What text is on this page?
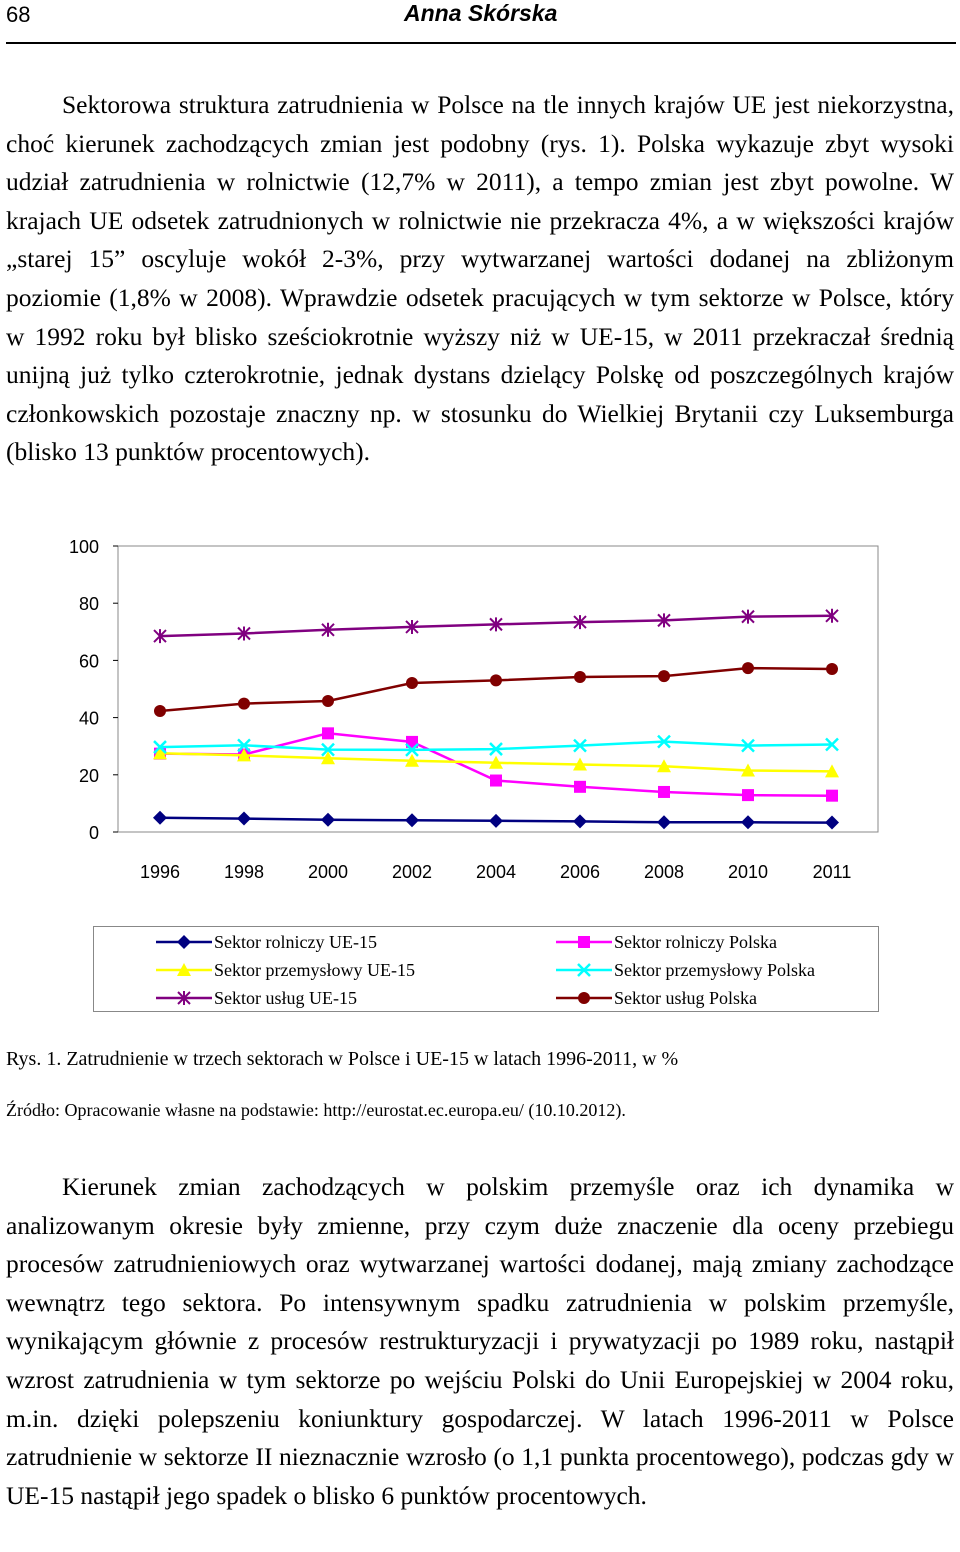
68	Anna Skórska

Sektorowa struktura zatrudnienia w Polsce na tle innych krajów UE jest niekorzystna, choć kierunek zachodzących zmian jest podobny (rys. 1). Polska wykazuje zbyt wysoki udział zatrudnienia w rolnictwie (12,7% w 2011), a tempo zmian jest zbyt powolne. W krajach UE odsetek zatrudnionych w rolnictwie nie przekracza 4%, a w większości krajów „starej 15” oscyluje wokół 2-3%, przy wytwarzanej wartości dodanej na zbliżonym poziomie (1,8% w 2008). Wprawdzie odsetek pracujących w tym sektorze w Polsce, który w 1992 roku był blisko sześciokrotnie wyższy niż w UE-15, w 2011 przekraczał średnią unijną już tylko czterokrotnie, jednak dystans dzielący Polskę od poszczególnych krajów członkowskich pozostaje znaczny np. w stosunku do Wielkiej Brytanii czy Luksemburga (blisko 13 punktów procentowych).

0
20
40
60
80
100
1996 1998 2000 2002 2004 2006 2008 2010 2011
Sektor rolniczy UE-15	Sektor rolniczy Polska
Sektor przemysłowy UE-15	Sektor przemysłowy Polska
Sektor usług UE-15	Sektor usług Polska
Rys. 1. Zatrudnienie w trzech sektorach w Polsce i UE-15 w latach 1996-2011, w %
Źródło: Opracowanie własne na podstawie: http://eurostat.ec.europa.eu/ (10.10.2012).

Kierunek zmian zachodzących w polskim przemyśle oraz ich dynamika w analizowanym okresie były zmienne, przy czym duże znaczenie dla oceny przebiegu procesów zatrudnieniowych oraz wytwarzanej wartości dodanej, mają zmiany zachodzące wewnątrz tego sektora. Po intensywnym spadku zatrudnienia w polskim przemyśle, wynikającym głównie z procesów restrukturyzacji i prywatyzacji po 1989 roku, nastąpił wzrost zatrudnienia w tym sektorze po wejściu Polski do Unii Europejskiej w 2004 roku, m.in. dzięki polepszeniu koniunktury gospodarczej. W latach 1996-2011 w Polsce zatrudnienie w sektorze II nieznacznie wzrosło (o 1,1 punkta procentowego), podczas gdy w UE-15 nastąpił jego spadek o blisko 6 punktów procentowych.
